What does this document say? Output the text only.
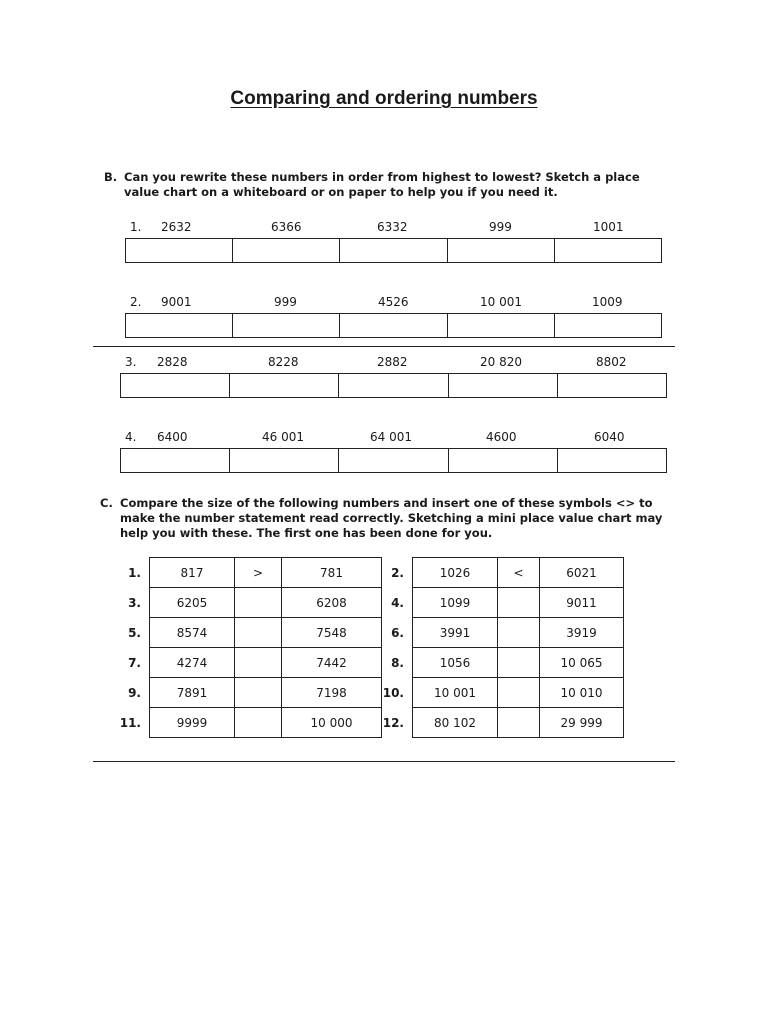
Comparing and ordering numbers
B. Can you rewrite these numbers in order from highest to lowest? Sketch a place value chart on a whiteboard or on paper to help you if you need it.
1. 2632	6366	6332	999	1001
2. 9001	999	4526	10 001	1009
3. 2828	8228	2882	20 820	8802
4. 6400	46 001	64 001	4600	6040
C. Compare the size of the following numbers and insert one of these symbols <> to make the number statement read correctly. Sketching a mini place value chart may help you with these. The first one has been done for you.
1.	817	>	781
3.	6205		6208
5.	8574		7548
7.	4274		7442
9.	7891		7198
11.	9999		10 000
2.	1026	<	6021
4.	1099		9011
6.	3991		3919
8.	1056		10 065
10.	10 001		10 010
12.	80 102		29 999
